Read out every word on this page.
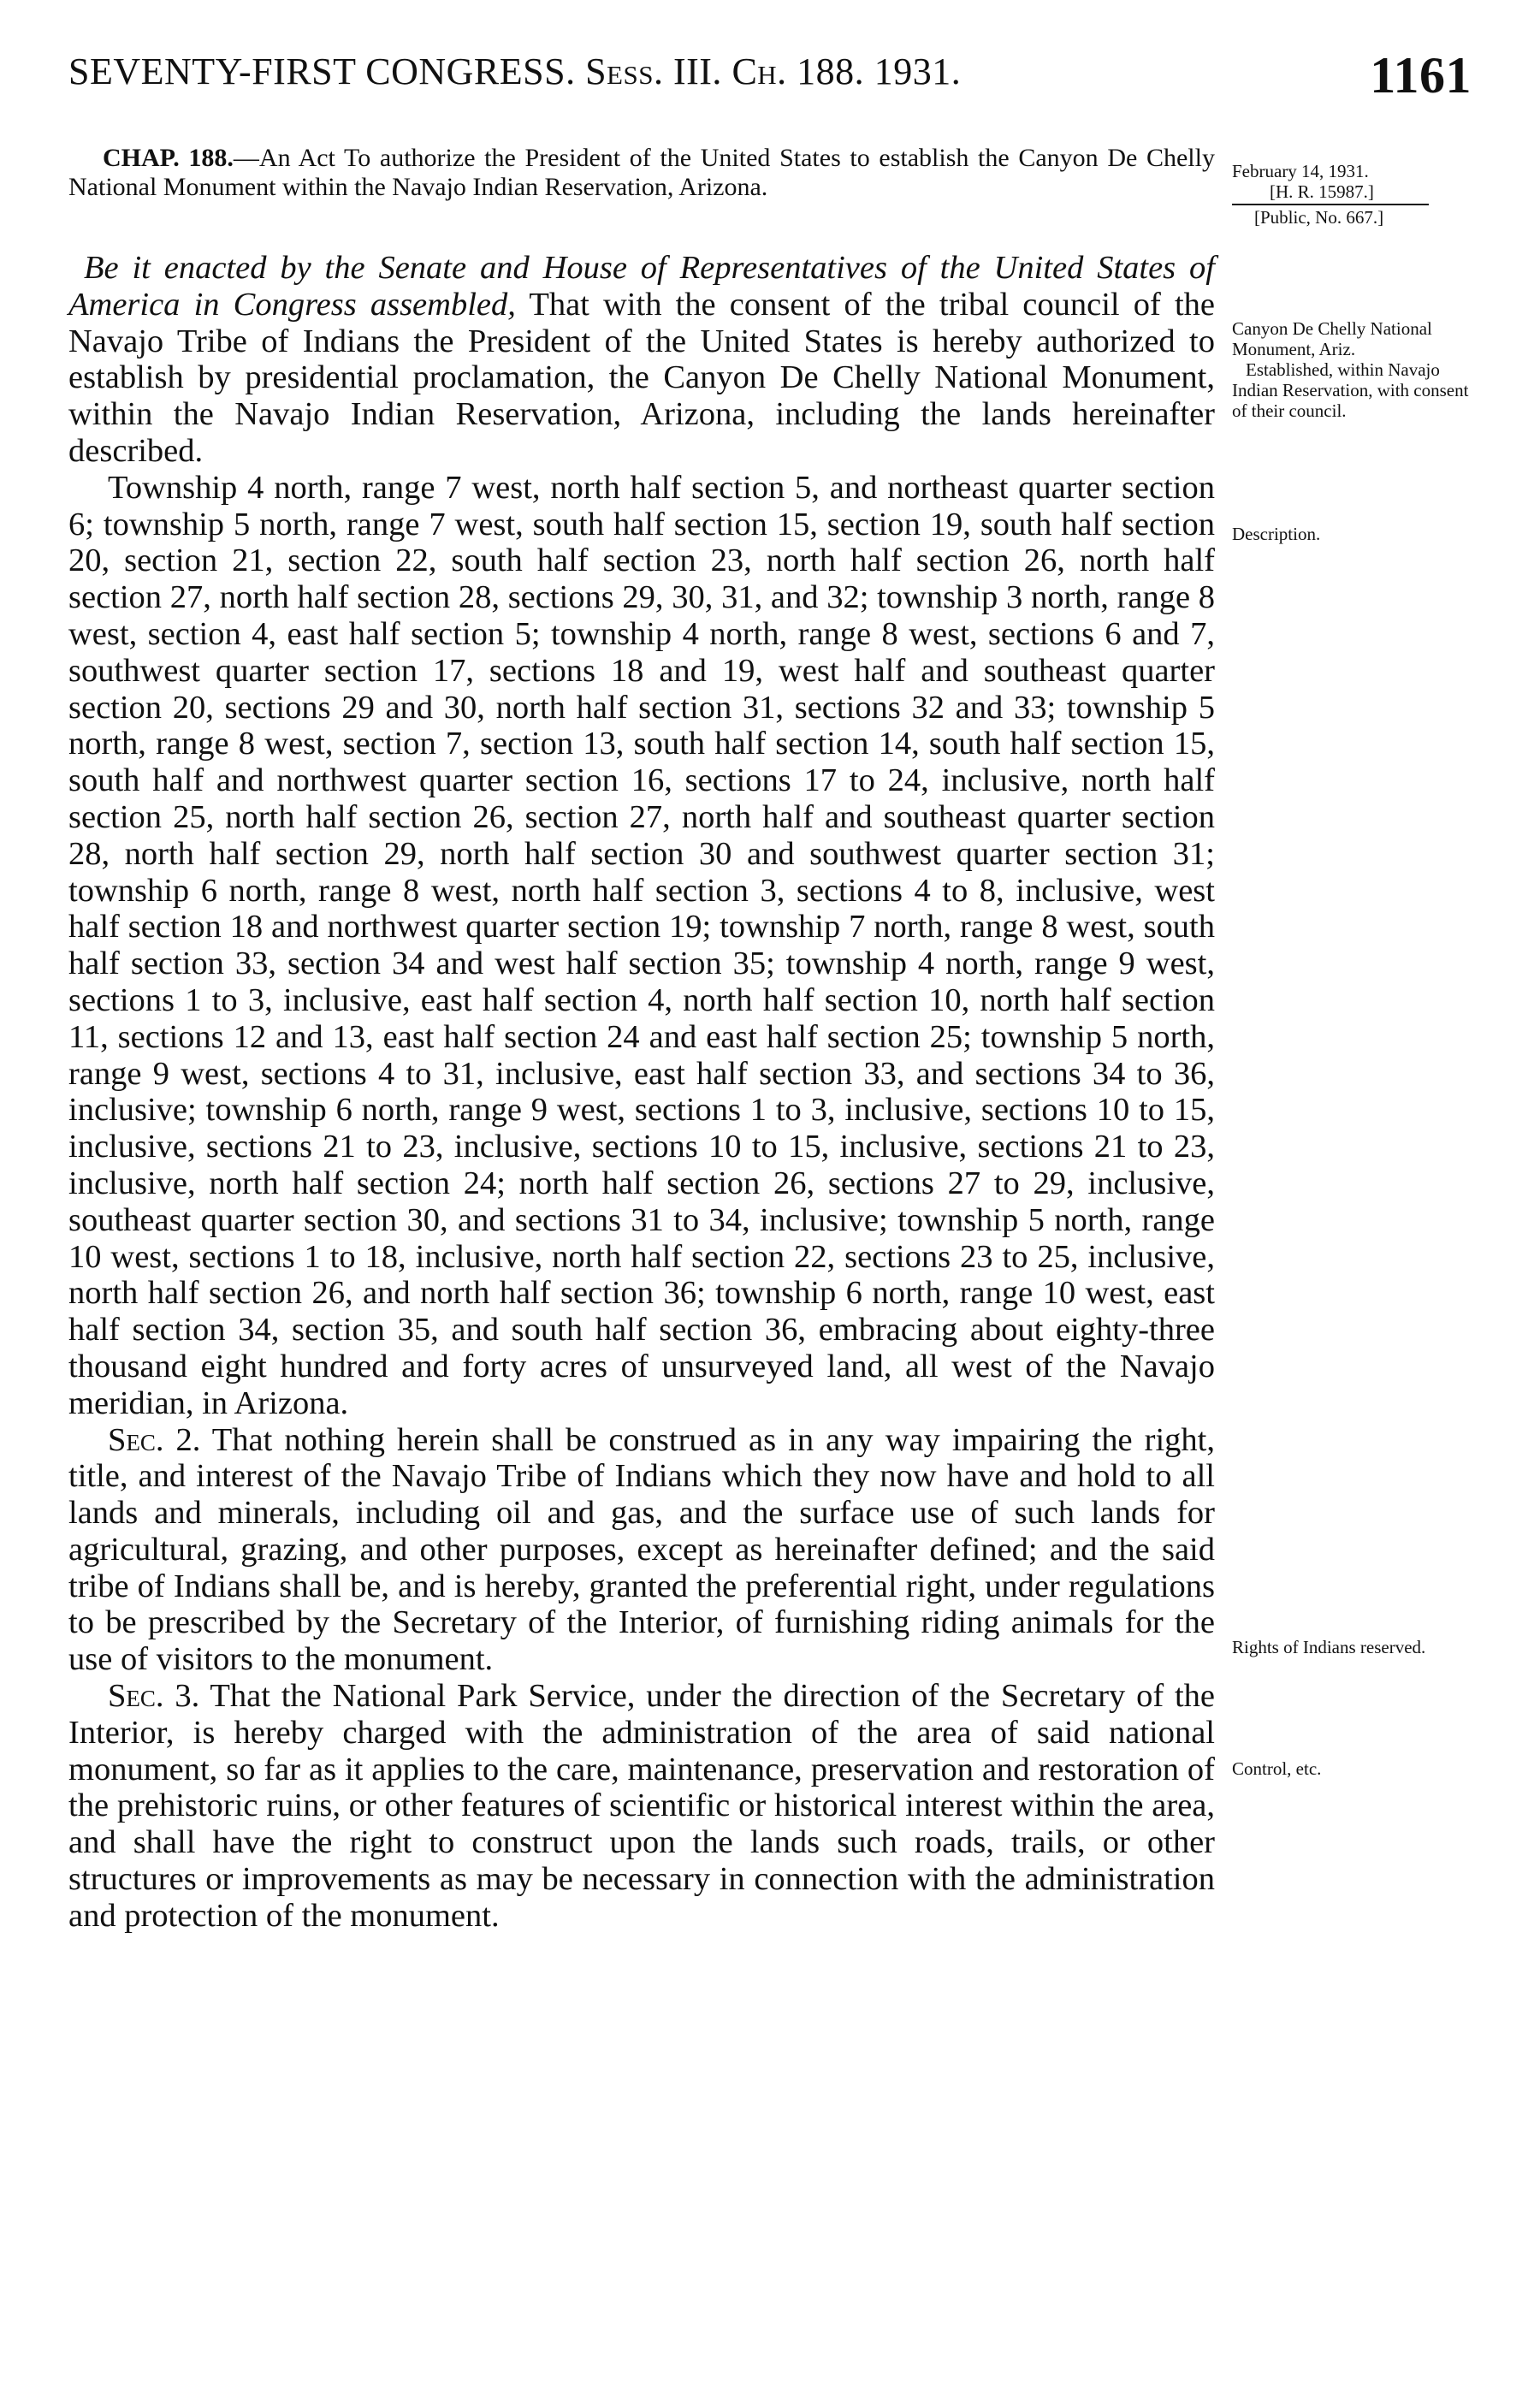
SEVENTY-FIRST CONGRESS. Sess. III. Ch. 188. 1931.	1161
CHAP. 188.—An Act To authorize the President of the United States to establish the Canyon De Chelly National Monument within the Navajo Indian Reservation, Arizona.

Be it enacted by the Senate and House of Representatives of the United States of America in Congress assembled, That with the consent of the tribal council of the Navajo Tribe of Indians the President of the United States is hereby authorized to establish by presidential proclamation, the Canyon De Chelly National Monument, within the Navajo Indian Reservation, Arizona, including the lands hereinafter described.

Township 4 north, range 7 west, north half section 5, and northeast quarter section 6; township 5 north, range 7 west, south half section 15, section 19, south half section 20, section 21, section 22, south half section 23, north half section 26, north half section 27, north half section 28, sections 29, 30, 31, and 32; township 3 north, range 8 west, section 4, east half section 5; township 4 north, range 8 west, sections 6 and 7, southwest quarter section 17, sections 18 and 19, west half and southeast quarter section 20, sections 29 and 30, north half section 31, sections 32 and 33; township 5 north, range 8 west, section 7, section 13, south half section 14, south half section 15, south half and northwest quarter section 16, sections 17 to 24, inclusive, north half section 25, north half section 26, section 27, north half and southeast quarter section 28, north half section 29, north half section 30 and southwest quarter section 31; township 6 north, range 8 west, north half section 3, sections 4 to 8, inclusive, west half section 18 and northwest quarter section 19; township 7 north, range 8 west, south half section 33, section 34 and west half section 35; township 4 north, range 9 west, sections 1 to 3, inclusive, east half section 4, north half section 10, north half section 11, sections 12 and 13, east half section 24 and east half section 25; township 5 north, range 9 west, sections 4 to 31, inclusive, east half section 33, and sections 34 to 36, inclusive; township 6 north, range 9 west, sections 1 to 3, inclusive, sections 10 to 15, inclusive, sections 21 to 23, inclusive, sections 10 to 15, inclusive, sections 21 to 23, inclusive, north half section 24; north half section 26, sections 27 to 29, inclusive, southeast quarter section 30, and sections 31 to 34, inclusive; township 5 north, range 10 west, sections 1 to 18, inclusive, north half section 22, sections 23 to 25, inclusive, north half section 26, and north half section 36; township 6 north, range 10 west, east half section 34, section 35, and south half section 36, embracing about eighty-three thousand eight hundred and forty acres of unsurveyed land, all west of the Navajo meridian, in Arizona.

Sec. 2. That nothing herein shall be construed as in any way impairing the right, title, and interest of the Navajo Tribe of Indians which they now have and hold to all lands and minerals, including oil and gas, and the surface use of such lands for agricultural, grazing, and other purposes, except as hereinafter defined; and the said tribe of Indians shall be, and is hereby, granted the preferential right, under regulations to be prescribed by the Secretary of the Interior, of furnishing riding animals for the use of visitors to the monument.

Sec. 3. That the National Park Service, under the direction of the Secretary of the Interior, is hereby charged with the administration of the area of said national monument, so far as it applies to the care, maintenance, preservation and restoration of the prehistoric ruins, or other features of scientific or historical interest within the area, and shall have the right to construct upon the lands such roads, trails, or other structures or improvements as may be necessary in connection with the administration and protection of the monument.

February 14, 1931.
[H. R. 15987.]
[Public, No. 667.]
Canyon De Chelly National Monument, Ariz.
Established, within Navajo Indian Reservation, with consent of their council.
Description.
Rights of Indians reserved.
Control, etc.
